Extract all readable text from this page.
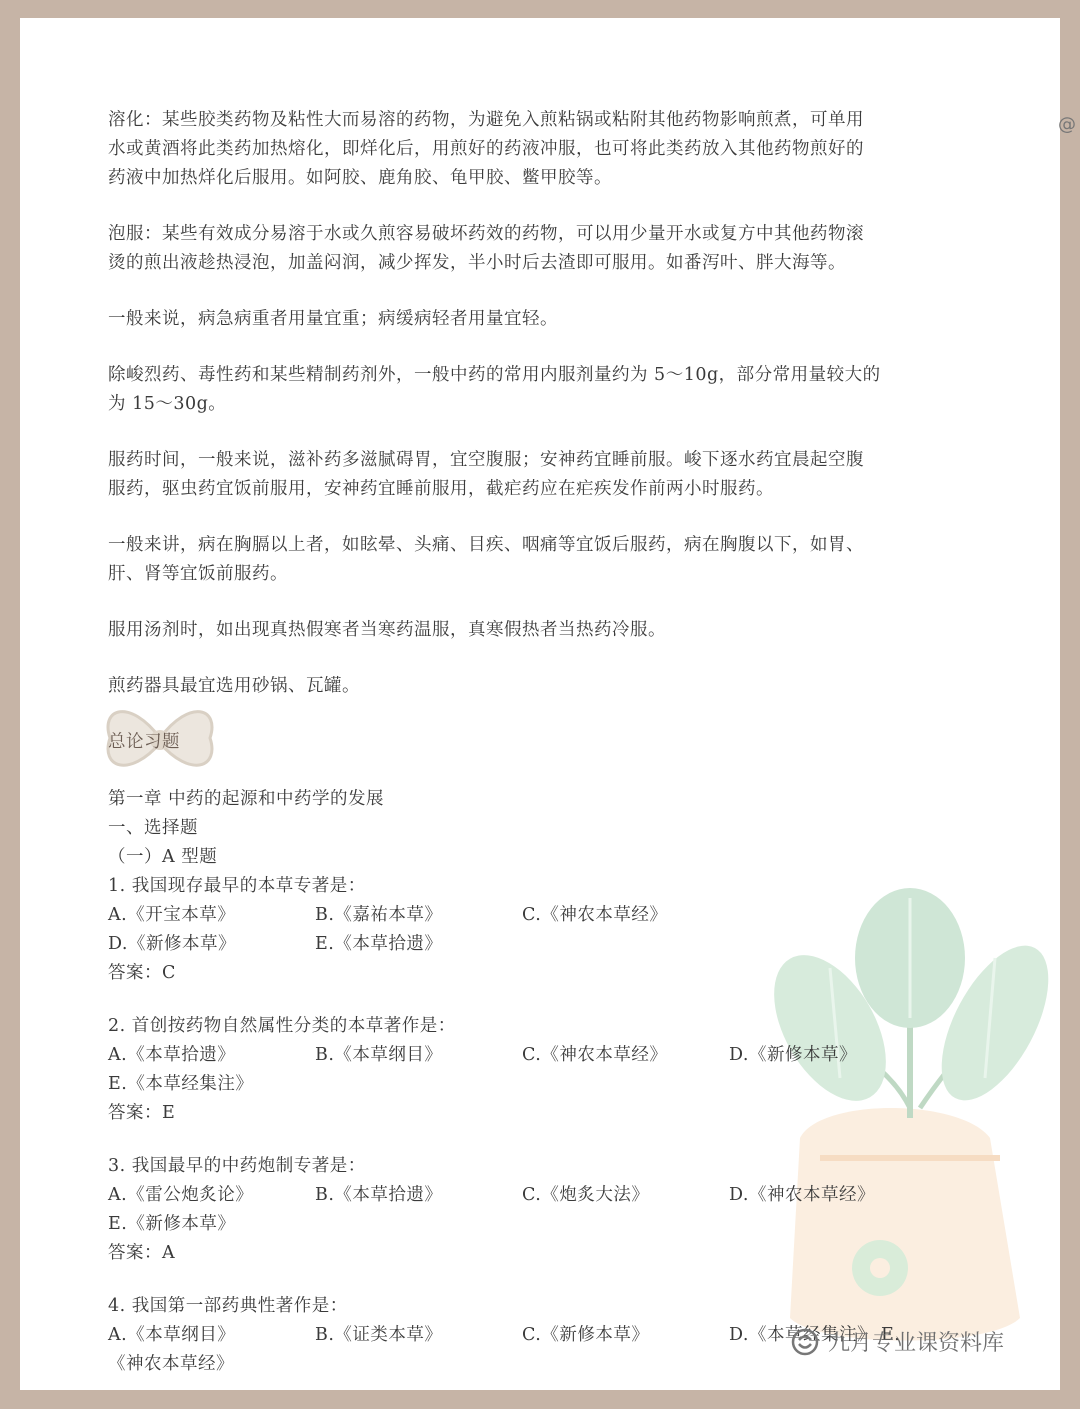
溶化：某些胶类药物及粘性大而易溶的药物，为避免入煎粘锅或粘附其他药物影响煎煮，可单用
水或黄酒将此类药加热熔化，即烊化后，用煎好的药液冲服，也可将此类药放入其他药物煎好的
药液中加热烊化后服用。如阿胶、鹿角胶、龟甲胶、鳖甲胶等。
泡服：某些有效成分易溶于水或久煎容易破坏药效的药物，可以用少量开水或复方中其他药物滚
烫的煎出液趁热浸泡，加盖闷润，减少挥发，半小时后去渣即可服用。如番泻叶、胖大海等。
一般来说，病急病重者用量宜重；病缓病轻者用量宜轻。
除峻烈药、毒性药和某些精制药剂外，一般中药的常用内服剂量约为 5～10g，部分常用量较大的
为 15～30g。
服药时间，一般来说，滋补药多滋腻碍胃，宜空腹服；安神药宜睡前服。峻下逐水药宜晨起空腹
服药，驱虫药宜饭前服用，安神药宜睡前服用，截疟药应在疟疾发作前两小时服药。
一般来讲，病在胸膈以上者，如眩晕、头痛、目疾、咽痛等宜饭后服药，病在胸腹以下，如胃、
肝、肾等宜饭前服药。
服用汤剂时，如出现真热假寒者当寒药温服，真寒假热者当热药冷服。
煎药器具最宜选用砂锅、瓦罐。
总论习题
第一章 中药的起源和中药学的发展
一、选择题
（一）A 型题
1. 我国现存最早的本草专著是：
A.《开宝本草》	B.《嘉祐本草》	C.《神农本草经》
D.《新修本草》	E.《本草拾遗》
答案：C
2. 首创按药物自然属性分类的本草著作是：
A.《本草拾遗》	B.《本草纲目》	C.《神农本草经》	D.《新修本草》
E.《本草经集注》
答案：E
3. 我国最早的中药炮制专著是：
A.《雷公炮炙论》	B.《本草拾遗》	C.《炮炙大法》	D.《神农本草经》
E.《新修本草》
答案：A
4. 我国第一部药典性著作是：
A.《本草纲目》	B.《证类本草》	C.《新修本草》	D.《本草经集注》 E.
《神农本草经》
@
九月专业课资料库
